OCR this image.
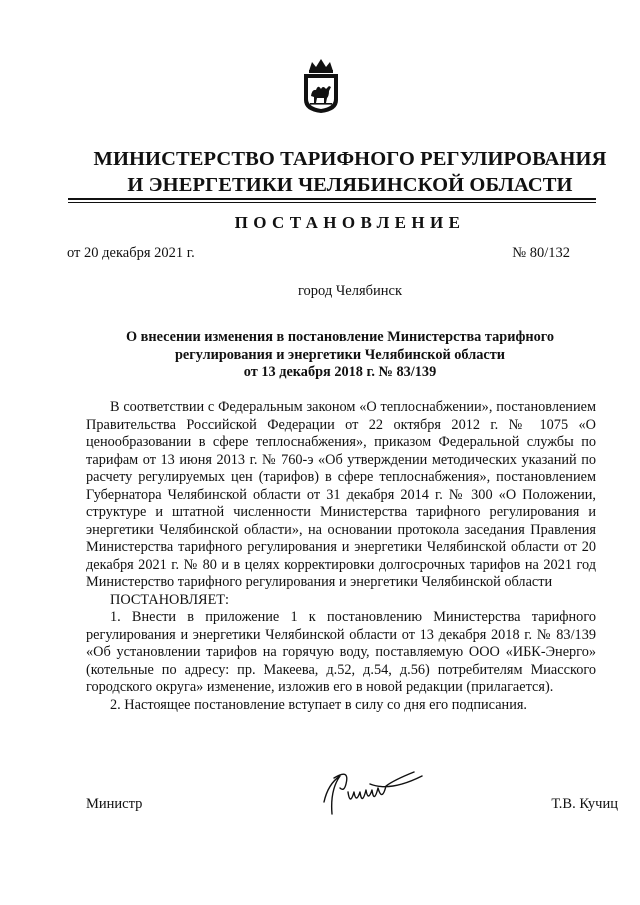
МИНИСТЕРСТВО ТАРИФНОГО РЕГУЛИРОВАНИЯ
И ЭНЕРГЕТИКИ ЧЕЛЯБИНСКОЙ ОБЛАСТИ
ПОСТАНОВЛЕНИЕ
от 20 декабря 2021 г.	№ 80/132
город Челябинск
О внесении изменения в постановление Министерства тарифного
регулирования и энергетики Челябинской области
от 13 декабря 2018 г. № 83/139

В соответствии с Федеральным законом «О теплоснабжении», постановлением Правительства Российской Федерации от 22 октября 2012 г. № 1075 «О ценообразовании в сфере теплоснабжения», приказом Федеральной службы по тарифам от 13 июня 2013 г. № 760-э «Об утверждении методических указаний по расчету регулируемых цен (тарифов) в сфере теплоснабжения», постановлением Губернатора Челябинской области от 31 декабря 2014 г. № 300 «О Положении, структуре и штатной численности Министерства тарифного регулирования и энергетики Челябинской области», на основании протокола заседания Правления Министерства тарифного регулирования и энергетики Челябинской области от 20 декабря 2021 г. № 80 и в целях корректировки долгосрочных тарифов на 2021 год Министерство тарифного регулирования и энергетики Челябинской области

ПОСТАНОВЛЯЕТ:

1. Внести в приложение 1 к постановлению Министерства тарифного регулирования и энергетики Челябинской области от 13 декабря 2018 г. № 83/139 «Об установлении тарифов на горячую воду, поставляемую ООО «ИБК-Энерго» (котельные по адресу: пр. Макеева, д.52, д.54, д.56) потребителям Миасского городского округа» изменение, изложив его в новой редакции (прилагается).

2. Настоящее постановление вступает в силу со дня его подписания.

Министр	Т.В. Кучиц
